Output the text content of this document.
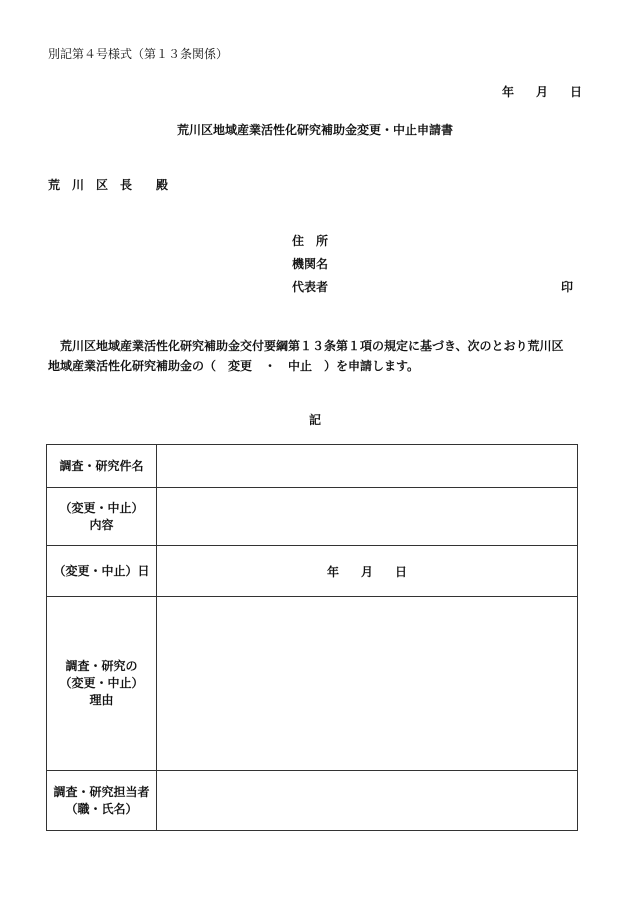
別記第４号様式（第１３条関係）
年 月 日
荒川区地域産業活性化研究補助金変更・中止申請書
荒　川　区　長　　殿
住　所
機関名
代表者	印
　荒川区地域産業活性化研究補助金交付要綱第１３条第１項の規定に基づき、次のとおり荒川区
地域産業活性化研究補助金の（　変更　・　中止　）を申請します。
記
調査・研究件名	

（変更・中止）
内容	

（変更・中止）日	年 月 日

調査・研究の
（変更・中止）
理由	

調査・研究担当者
（職・氏名）	
